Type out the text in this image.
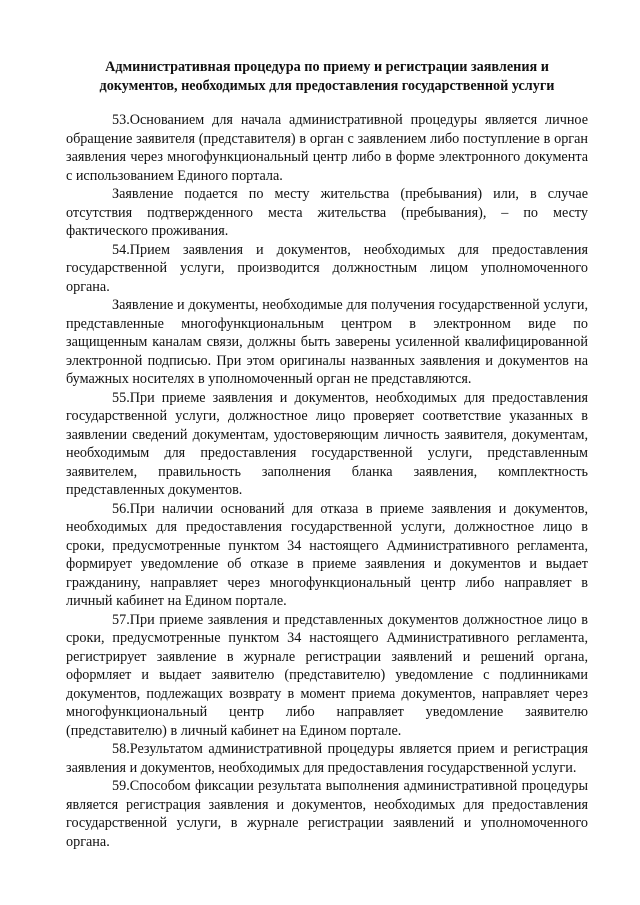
Административная процедура по приему и регистрации заявления и
документов, необходимых для предоставления государственной услуги

53.Основанием для начала административной процедуры является личное обращение заявителя (представителя) в орган с заявлением либо поступление в орган заявления через многофункциональный центр либо в форме электронного документа с использованием Единого портала.

Заявление подается по месту жительства (пребывания) или, в случае отсутствия подтвержденного места жительства (пребывания), – по месту фактического проживания.

54.Прием заявления и документов, необходимых для предоставления государственной услуги, производится должностным лицом уполномоченного органа.

Заявление и документы, необходимые для получения государственной услуги, представленные многофункциональным центром в электронном виде по защищенным каналам связи, должны быть заверены усиленной квалифицированной электронной подписью. При этом оригиналы названных заявления и документов на бумажных носителях в уполномоченный орган не представляются.

55.При приеме заявления и документов, необходимых для предоставления государственной услуги, должностное лицо проверяет соответствие указанных в заявлении сведений документам, удостоверяющим личность заявителя, документам, необходимым для предоставления государственной услуги, представленным заявителем, правильность заполнения бланка заявления, комплектность представленных документов.

56.При наличии оснований для отказа в приеме заявления и документов, необходимых для предоставления государственной услуги, должностное лицо в сроки, предусмотренные пунктом 34 настоящего Административного регламента, формирует уведомление об отказе в приеме заявления и документов и выдает гражданину, направляет через многофункциональный центр либо направляет в личный кабинет на Едином портале.

57.При приеме заявления и представленных документов должностное лицо в сроки, предусмотренные пунктом 34 настоящего Административного регламента, регистрирует заявление в журнале регистрации заявлений и решений органа, оформляет и выдает заявителю (представителю) уведомление с подлинниками документов, подлежащих возврату в момент приема документов, направляет через многофункциональный центр либо направляет уведомление заявителю (представителю) в личный кабинет на Едином портале.

58.Результатом административной процедуры является прием и регистрация заявления и документов, необходимых для предоставления государственной услуги.

59.Способом фиксации результата выполнения административной процедуры является регистрация заявления и документов, необходимых для предоставления государственной услуги, в журнале регистрации заявлений и уполномоченного органа.
